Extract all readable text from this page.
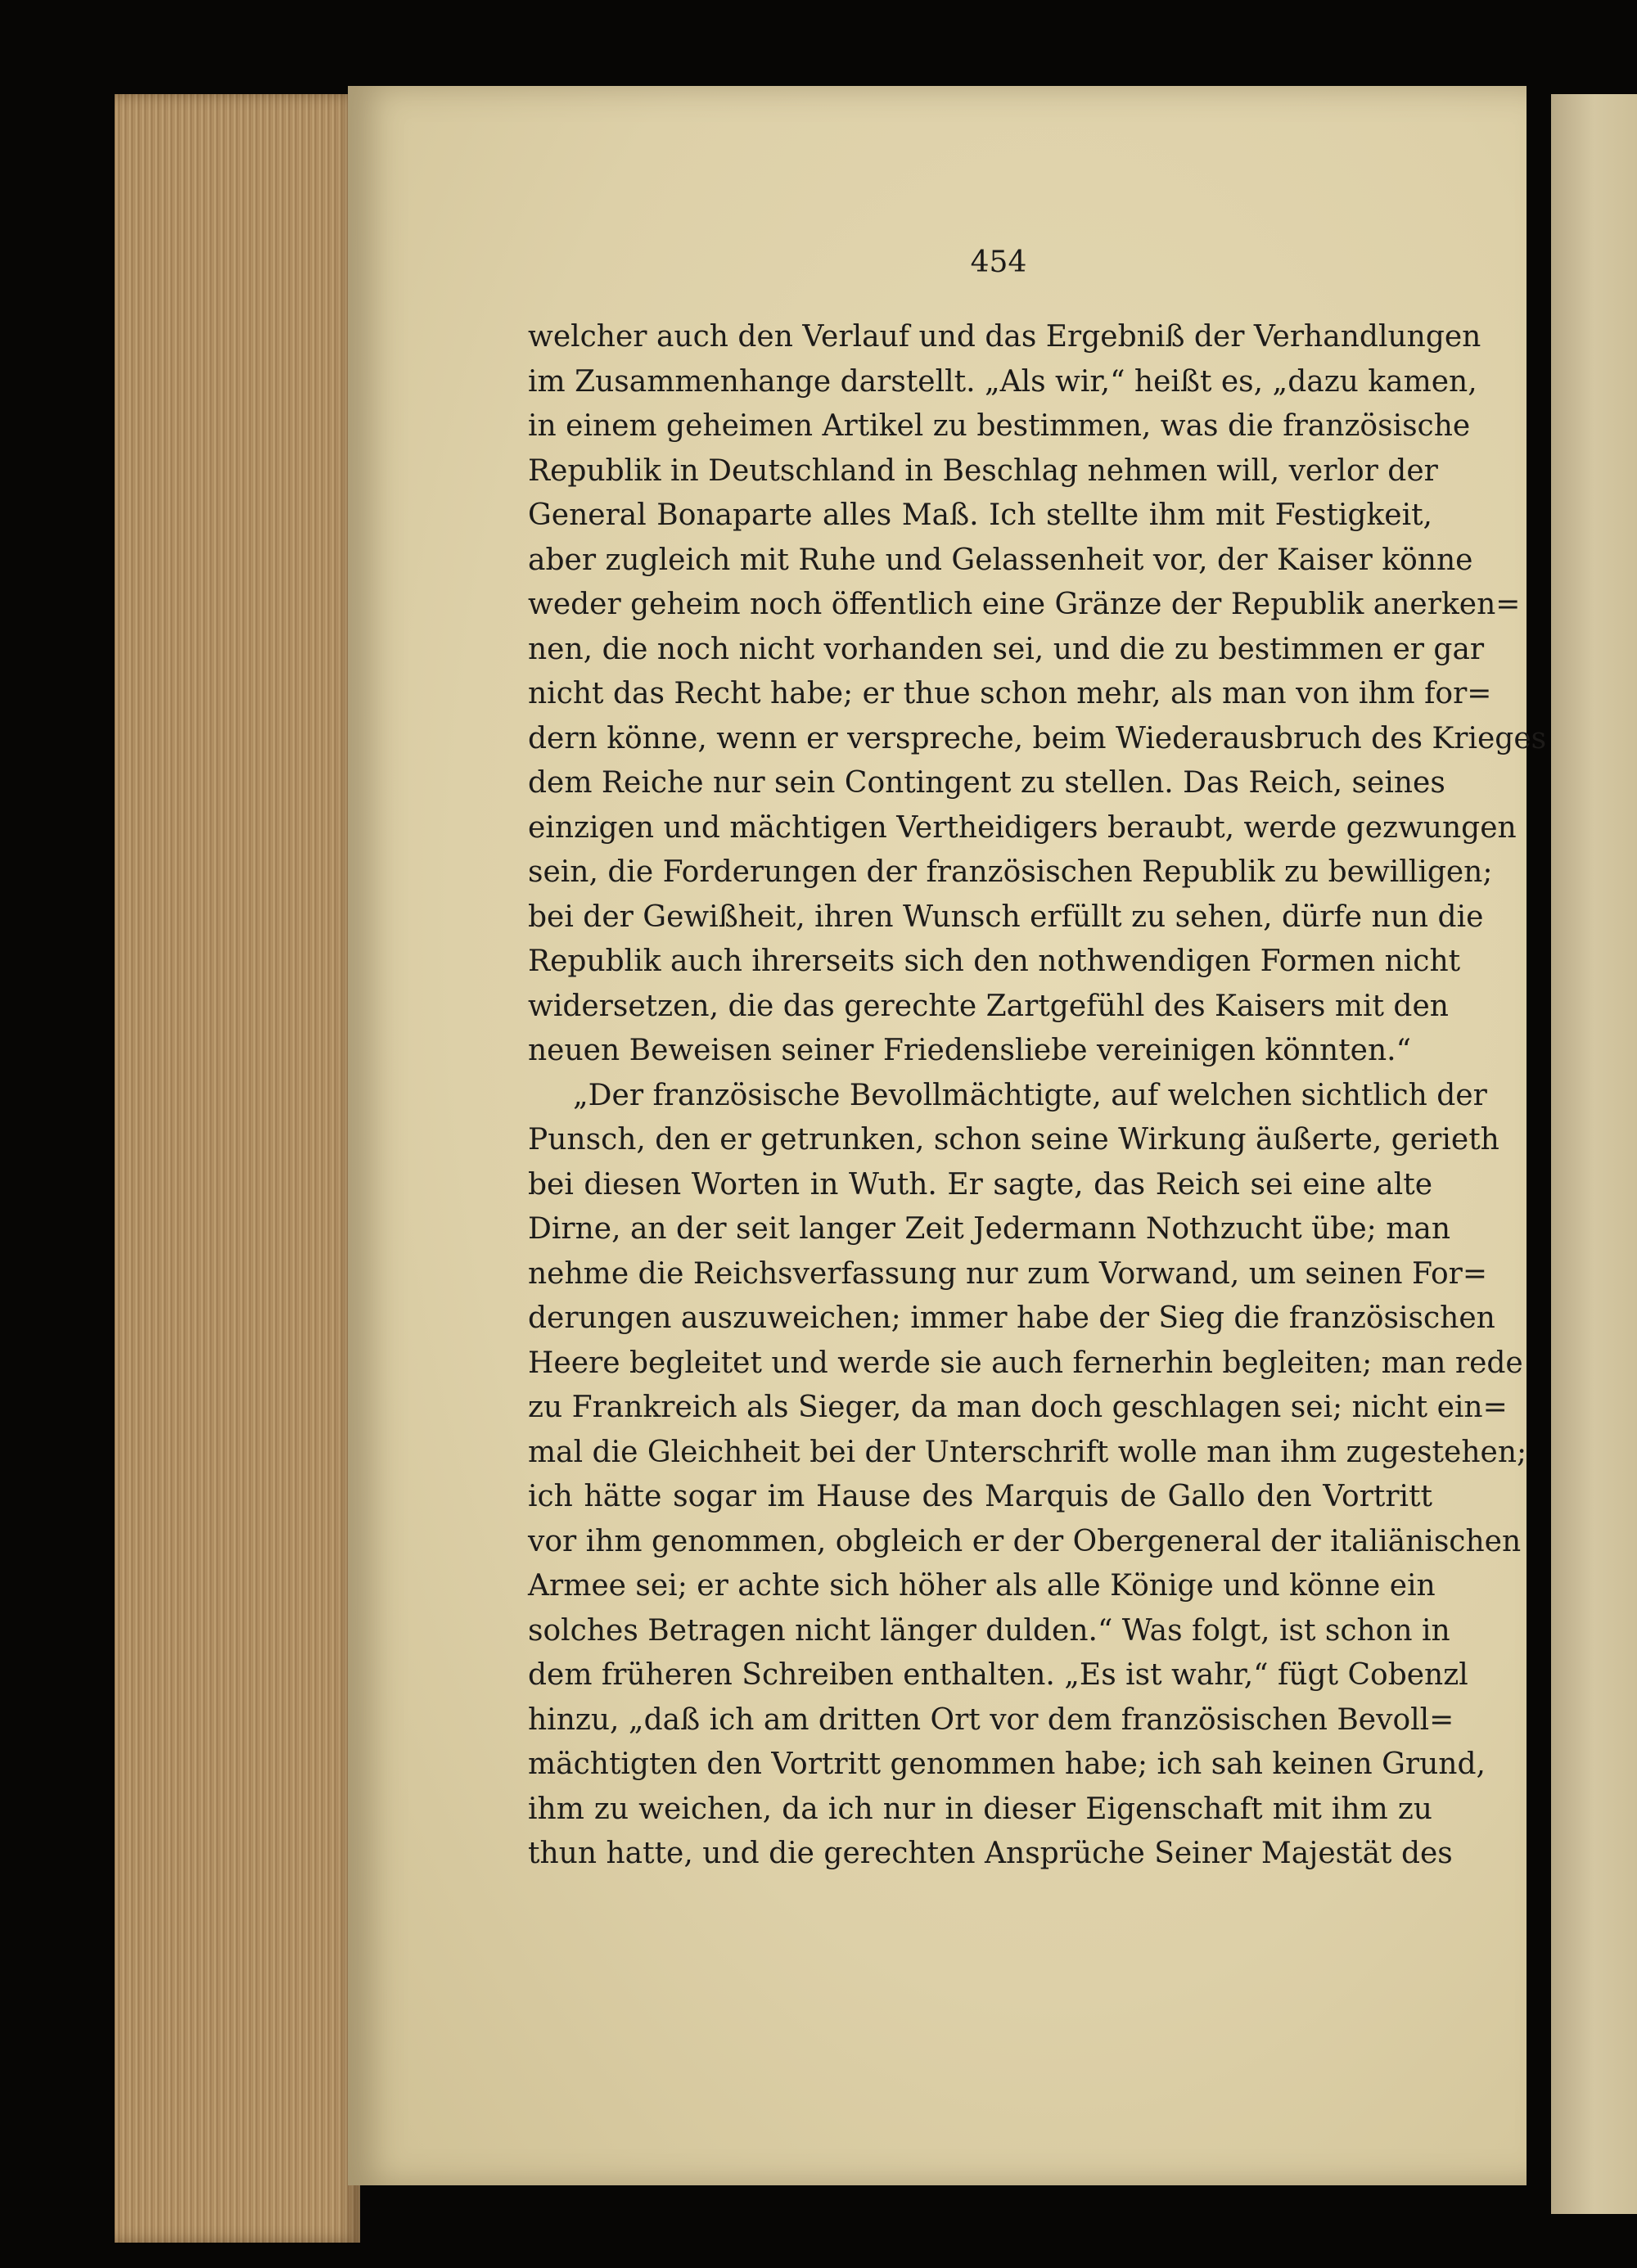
454
welcher auch den Verlauf und das Ergebniß der Verhandlungen
im Zusammenhange darstellt. „Als wir,“ heißt es, „dazu kamen,
in einem geheimen Artikel zu bestimmen, was die französische
Republik in Deutschland in Beschlag nehmen will, verlor der
General Bonaparte alles Maß. Ich stellte ihm mit Festigkeit,
aber zugleich mit Ruhe und Gelassenheit vor, der Kaiser könne
weder geheim noch öffentlich eine Gränze der Republik anerken=
nen, die noch nicht vorhanden sei, und die zu bestimmen er gar
nicht das Recht habe; er thue schon mehr, als man von ihm for=
dern könne, wenn er verspreche, beim Wiederausbruch des Krieges
dem Reiche nur sein Contingent zu stellen. Das Reich, seines
einzigen und mächtigen Vertheidigers beraubt, werde gezwungen
sein, die Forderungen der französischen Republik zu bewilligen;
bei der Gewißheit, ihren Wunsch erfüllt zu sehen, dürfe nun die
Republik auch ihrerseits sich den nothwendigen Formen nicht
widersetzen, die das gerechte Zartgefühl des Kaisers mit den
neuen Beweisen seiner Friedensliebe vereinigen könnten.“
„Der französische Bevollmächtigte, auf welchen sichtlich der
Punsch, den er getrunken, schon seine Wirkung äußerte, gerieth
bei diesen Worten in Wuth. Er sagte, das Reich sei eine alte
Dirne, an der seit langer Zeit Jedermann Nothzucht übe; man
nehme die Reichsverfassung nur zum Vorwand, um seinen For=
derungen auszuweichen; immer habe der Sieg die französischen
Heere begleitet und werde sie auch fernerhin begleiten; man rede
zu Frankreich als Sieger, da man doch geschlagen sei; nicht ein=
mal die Gleichheit bei der Unterschrift wolle man ihm zugestehen;
ich hätte sogar im Hause des Marquis de Gallo den Vortritt
vor ihm genommen, obgleich er der Obergeneral der italiänischen
Armee sei; er achte sich höher als alle Könige und könne ein
solches Betragen nicht länger dulden.“ Was folgt, ist schon in
dem früheren Schreiben enthalten. „Es ist wahr,“ fügt Cobenzl
hinzu, „daß ich am dritten Ort vor dem französischen Bevoll=
mächtigten den Vortritt genommen habe; ich sah keinen Grund,
ihm zu weichen, da ich nur in dieser Eigenschaft mit ihm zu
thun hatte, und die gerechten Ansprüche Seiner Majestät des
